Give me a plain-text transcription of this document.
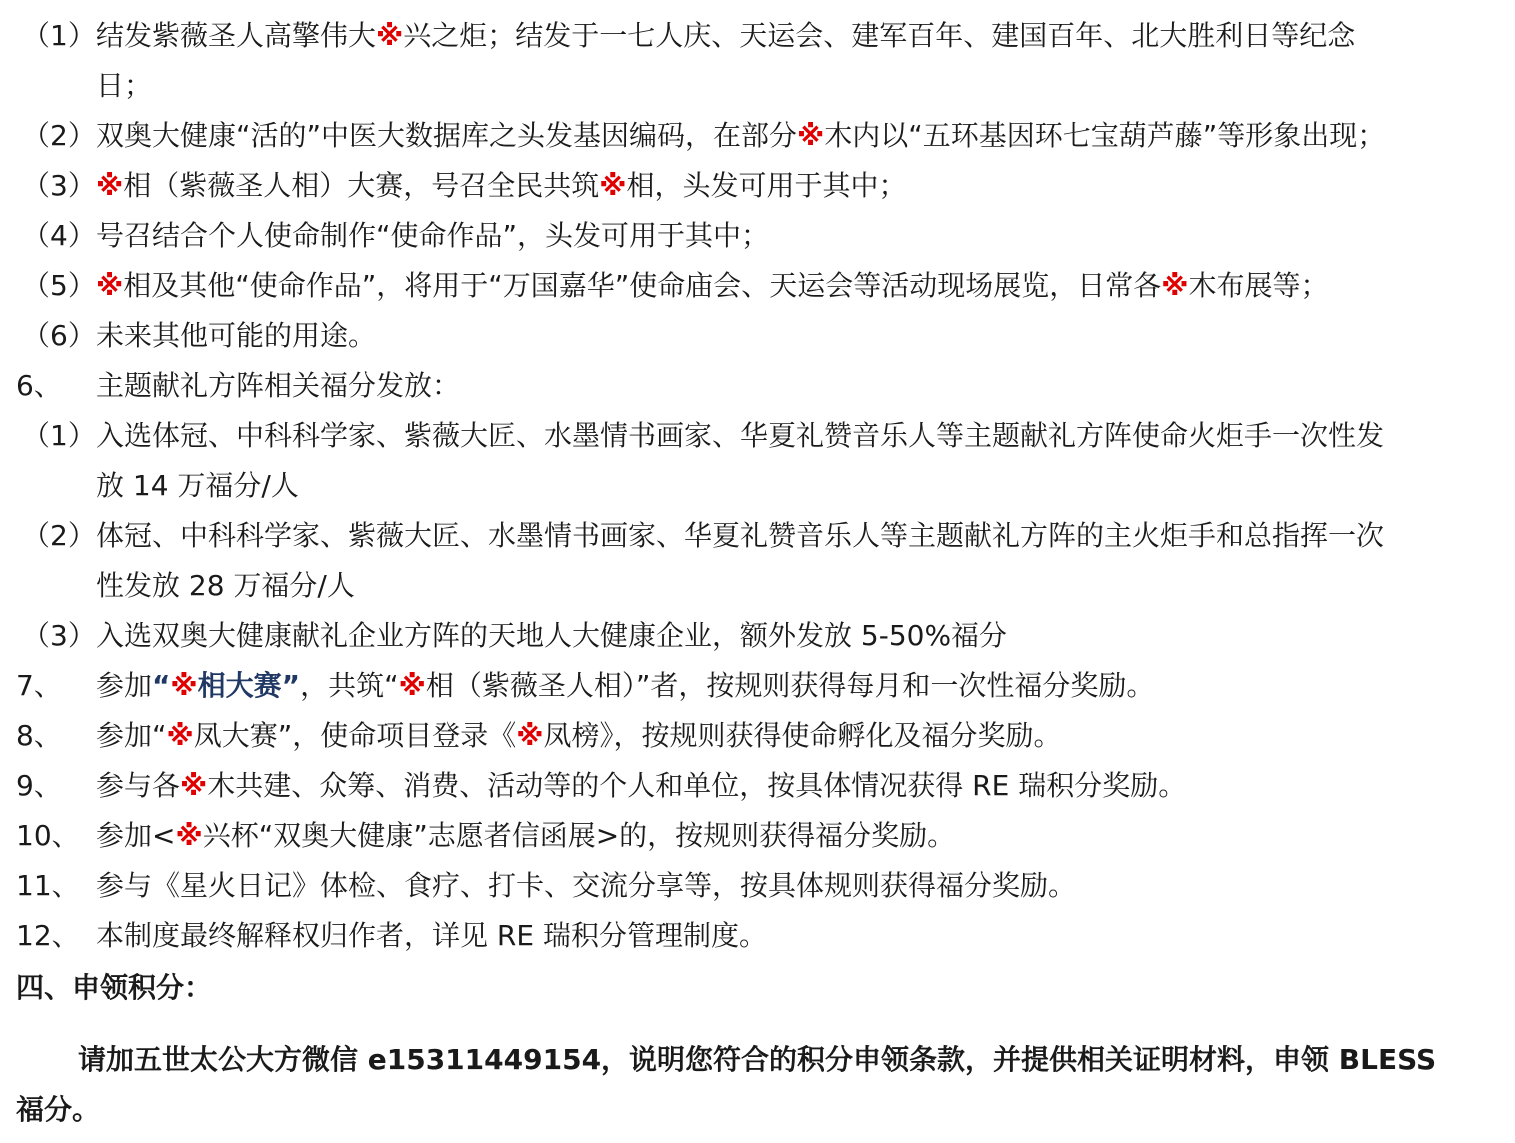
（1） 结发紫薇圣人高擎伟大※兴之炬；结发于一七人庆、天运会、建军百年、建国百年、北大胜利日等纪念
日；
（2） 双奥大健康“活的”中医大数据库之头发基因编码，在部分※木内以“五环基因环七宝葫芦藤”等形象出现；
（3） ※相（紫薇圣人相）大赛，号召全民共筑※相，头发可用于其中；
（4） 号召结合个人使命制作“使命作品”，头发可用于其中；
（5） ※相及其他“使命作品”，将用于“万国嘉华”使命庙会、天运会等活动现场展览，日常各※木布展等；
（6） 未来其他可能的用途。
6、 主题献礼方阵相关福分发放：
（1） 入选体冠、中科科学家、紫薇大匠、水墨情书画家、华夏礼赞音乐人等主题献礼方阵使命火炬手一次性发
放 14 万福分/人
（2） 体冠、中科科学家、紫薇大匠、水墨情书画家、华夏礼赞音乐人等主题献礼方阵的主火炬手和总指挥一次
性发放 28 万福分/人
（3） 入选双奥大健康献礼企业方阵的天地人大健康企业，额外发放 5-50%福分
7、 参加“※相大赛”，共筑“※相（紫薇圣人相）”者，按规则获得每月和一次性福分奖励。
8、 参加“※凤大赛”，使命项目登录《※凤榜》，按规则获得使命孵化及福分奖励。
9、 参与各※木共建、众筹、消费、活动等的个人和单位，按具体情况获得 RE 瑞积分奖励。
10、 参加<※兴杯“双奥大健康”志愿者信函展>的，按规则获得福分奖励。
11、 参与《星火日记》体检、食疗、打卡、交流分享等，按具体规则获得福分奖励。
12、 本制度最终解释权归作者，详见 RE 瑞积分管理制度。
四、申领积分：
请加五世太公大方微信 e15311449154，说明您符合的积分申领条款，并提供相关证明材料，申领 BLESS
福分。
